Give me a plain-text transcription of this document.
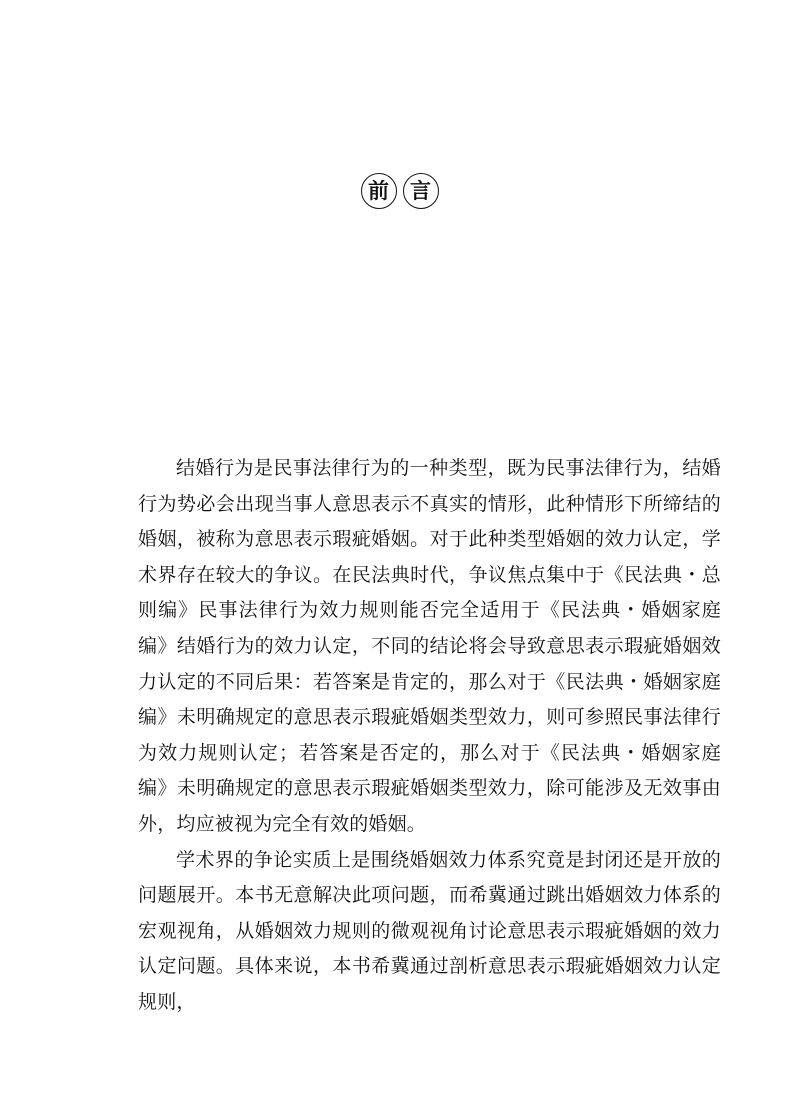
前	言

结婚行为是民事法律行为的一种类型，既为民事法律行为，结婚行为势必会出现当事人意思表示不真实的情形，此种情形下所缔结的婚姻，被称为意思表示瑕疵婚姻。对于此种类型婚姻的效力认定，学术界存在较大的争议。在民法典时代，争议焦点集中于《民法典・总则编》民事法律行为效力规则能否完全适用于《民法典・婚姻家庭编》结婚行为的效力认定，不同的结论将会导致意思表示瑕疵婚姻效力认定的不同后果：若答案是肯定的，那么对于《民法典・婚姻家庭编》未明确规定的意思表示瑕疵婚姻类型效力，则可参照民事法律行为效力规则认定；若答案是否定的，那么对于《民法典・婚姻家庭编》未明确规定的意思表示瑕疵婚姻类型效力，除可能涉及无效事由外，均应被视为完全有效的婚姻。

学术界的争论实质上是围绕婚姻效力体系究竟是封闭还是开放的问题展开。本书无意解决此项问题，而希冀通过跳出婚姻效力体系的宏观视角，从婚姻效力规则的微观视角讨论意思表示瑕疵婚姻的效力认定问题。具体来说，本书希冀通过剖析意思表示瑕疵婚姻效力认定规则，
